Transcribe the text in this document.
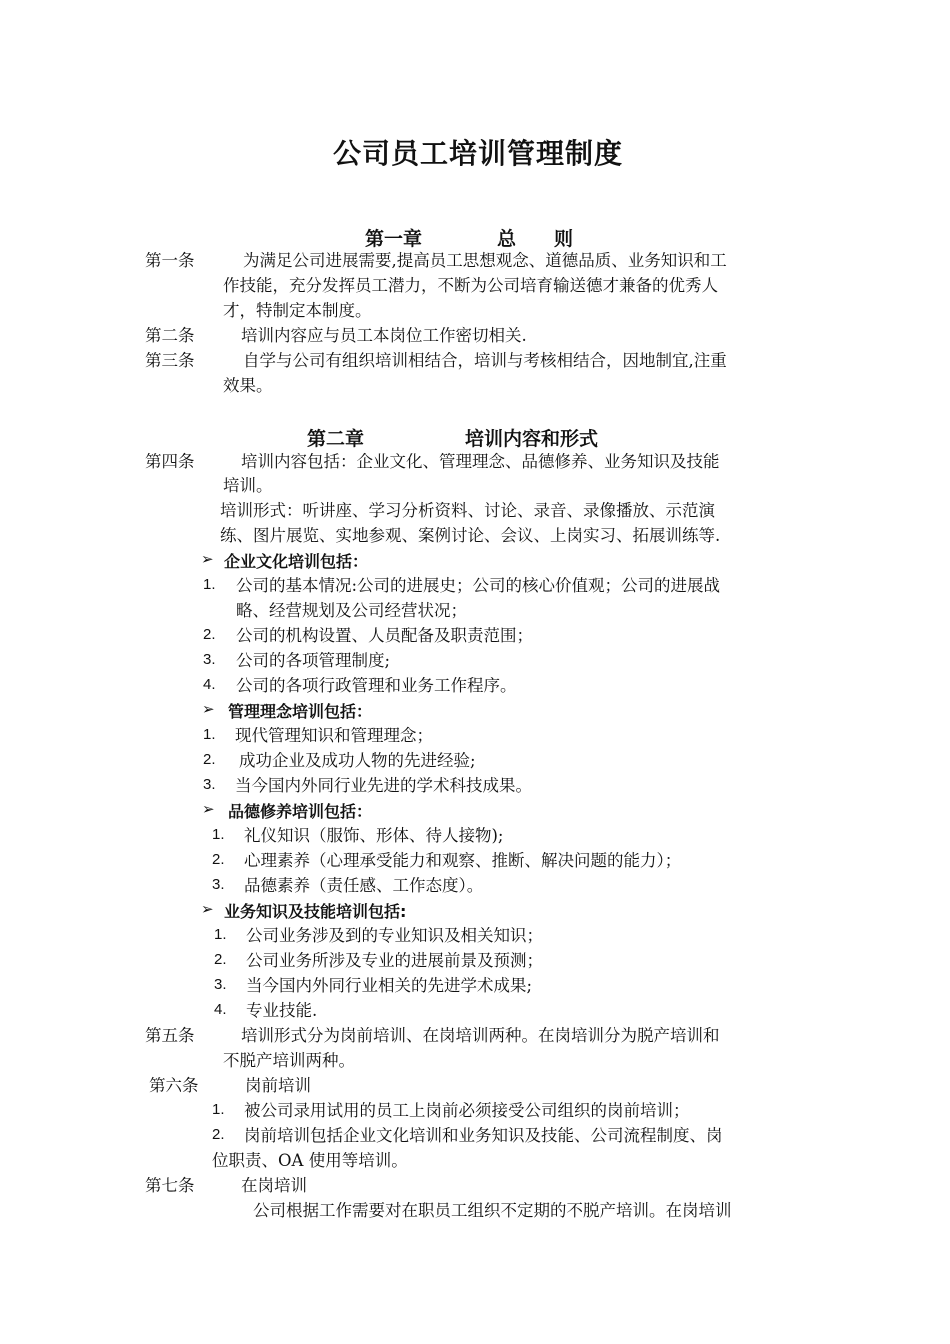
公司员工培训管理制度
第一章	总　　则
第一条	为满足公司进展需要,提高员工思想观念、道德品质、业务知识和工
作技能，充分发挥员工潜力，不断为公司培育输送德才兼备的优秀人
才，特制定本制度。
第二条	培训内容应与员工本岗位工作密切相关.
第三条	自学与公司有组织培训相结合，培训与考核相结合，因地制宜,注重
效果。
第二章	培训内容和形式
第四条	培训内容包括：企业文化、管理理念、品德修养、业务知识及技能
培训。
培训形式：听讲座、学习分析资料、讨论、录音、录像播放、示范演
练、图片展览、实地参观、案例讨论、会议、上岗实习、拓展训练等.
➢ 企业文化培训包括：
1. 公司的基本情况:公司的进展史；公司的核心价值观；公司的进展战
略、经营规划及公司经营状况；
2. 公司的机构设置、人员配备及职责范围；
3. 公司的各项管理制度;
4. 公司的各项行政管理和业务工作程序。
➢ 管理理念培训包括：
1. 现代管理知识和管理理念；
2. 成功企业及成功人物的先进经验;
3. 当今国内外同行业先进的学术科技成果。
➢ 品德修养培训包括：
1. 礼仪知识（服饰、形体、待人接物);
2. 心理素养（心理承受能力和观察、推断、解决问题的能力）；
3. 品德素养（责任感、工作态度）。
➢ 业务知识及技能培训包括:
1. 公司业务涉及到的专业知识及相关知识；
2. 公司业务所涉及专业的进展前景及预测；
3. 当今国内外同行业相关的先进学术成果;
4. 专业技能.
第五条	培训形式分为岗前培训、在岗培训两种。在岗培训分为脱产培训和
不脱产培训两种。
第六条	岗前培训
1. 被公司录用试用的员工上岗前必须接受公司组织的岗前培训；
2. 岗前培训包括企业文化培训和业务知识及技能、公司流程制度、岗
位职责、OA 使用等培训。
第七条	在岗培训
公司根据工作需要对在职员工组织不定期的不脱产培训。在岗培训
